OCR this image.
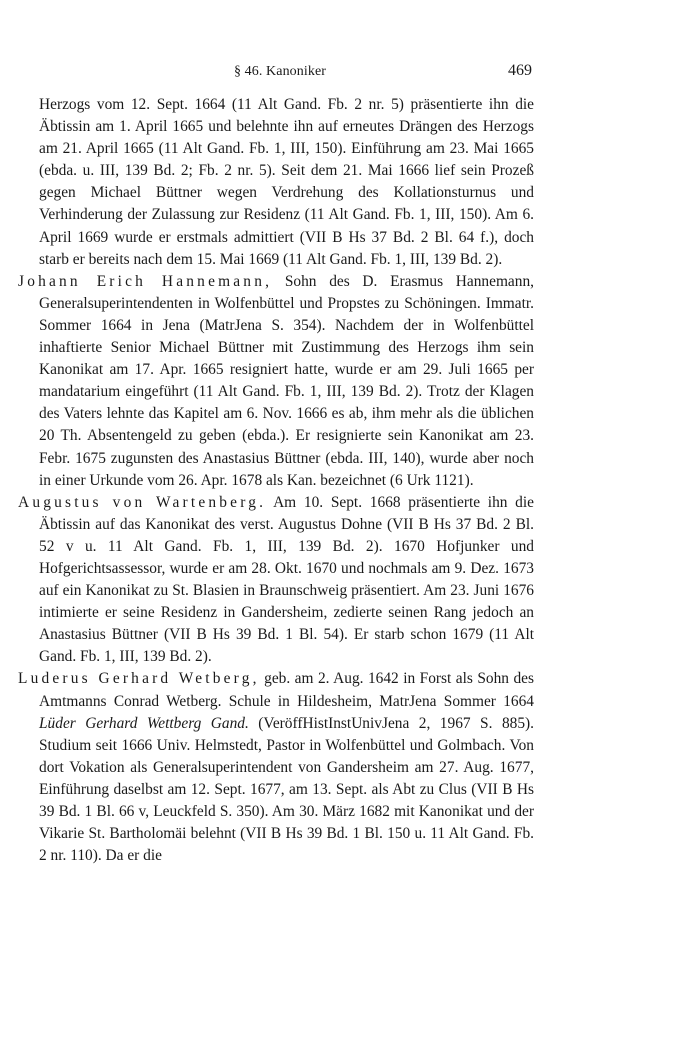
§ 46. Kanoniker	469

Herzogs vom 12. Sept. 1664 (11 Alt Gand. Fb. 2 nr. 5) präsentierte ihn die Äbtissin am 1. April 1665 und belehnte ihn auf erneutes Drängen des Herzogs am 21. April 1665 (11 Alt Gand. Fb. 1, III, 150). Einführung am 23. Mai 1665 (ebda. u. III, 139 Bd. 2; Fb. 2 nr. 5). Seit dem 21. Mai 1666 lief sein Prozeß gegen Michael Büttner wegen Verdrehung des Kollationsturnus und Verhinderung der Zulassung zur Residenz (11 Alt Gand. Fb. 1, III, 150). Am 6. April 1669 wurde er erstmals admittiert (VII B Hs 37 Bd. 2 Bl. 64 f.), doch starb er bereits nach dem 15. Mai 1669 (11 Alt Gand. Fb. 1, III, 139 Bd. 2).

Johann Erich Hannemann, Sohn des D. Erasmus Hannemann, Generalsuperintendenten in Wolfenbüttel und Propstes zu Schöningen. Immatr. Sommer 1664 in Jena (MatrJena S. 354). Nachdem der in Wolfenbüttel inhaftierte Senior Michael Büttner mit Zustimmung des Herzogs ihm sein Kanonikat am 17. Apr. 1665 resigniert hatte, wurde er am 29. Juli 1665 per mandatarium eingeführt (11 Alt Gand. Fb. 1, III, 139 Bd. 2). Trotz der Klagen des Vaters lehnte das Kapitel am 6. Nov. 1666 es ab, ihm mehr als die üblichen 20 Th. Absentengeld zu geben (ebda.). Er resignierte sein Kanonikat am 23. Febr. 1675 zugunsten des Anastasius Büttner (ebda. III, 140), wurde aber noch in einer Urkunde vom 26. Apr. 1678 als Kan. bezeichnet (6 Urk 1121).

Augustus von Wartenberg. Am 10. Sept. 1668 präsentierte ihn die Äbtissin auf das Kanonikat des verst. Augustus Dohne (VII B Hs 37 Bd. 2 Bl. 52 v u. 11 Alt Gand. Fb. 1, III, 139 Bd. 2). 1670 Hofjunker und Hofgerichtsassessor, wurde er am 28. Okt. 1670 und nochmals am 9. Dez. 1673 auf ein Kanonikat zu St. Blasien in Braunschweig präsentiert. Am 23. Juni 1676 intimierte er seine Residenz in Gandersheim, zedierte seinen Rang jedoch an Anastasius Büttner (VII B Hs 39 Bd. 1 Bl. 54). Er starb schon 1679 (11 Alt Gand. Fb. 1, III, 139 Bd. 2).

Luderus Gerhard Wetberg, geb. am 2. Aug. 1642 in Forst als Sohn des Amtmanns Conrad Wetberg. Schule in Hildesheim, MatrJena Sommer 1664 Lüder Gerhard Wettberg Gand. (VeröffHistInstUnivJena 2, 1967 S. 885). Studium seit 1666 Univ. Helmstedt, Pastor in Wolfenbüttel und Golmbach. Von dort Vokation als Generalsuperintendent von Gandersheim am 27. Aug. 1677, Einführung daselbst am 12. Sept. 1677, am 13. Sept. als Abt zu Clus (VII B Hs 39 Bd. 1 Bl. 66 v, Leuckfeld S. 350). Am 30. März 1682 mit Kanonikat und der Vikarie St. Bartholomäi belehnt (VII B Hs 39 Bd. 1 Bl. 150 u. 11 Alt Gand. Fb. 2 nr. 110). Da er die
